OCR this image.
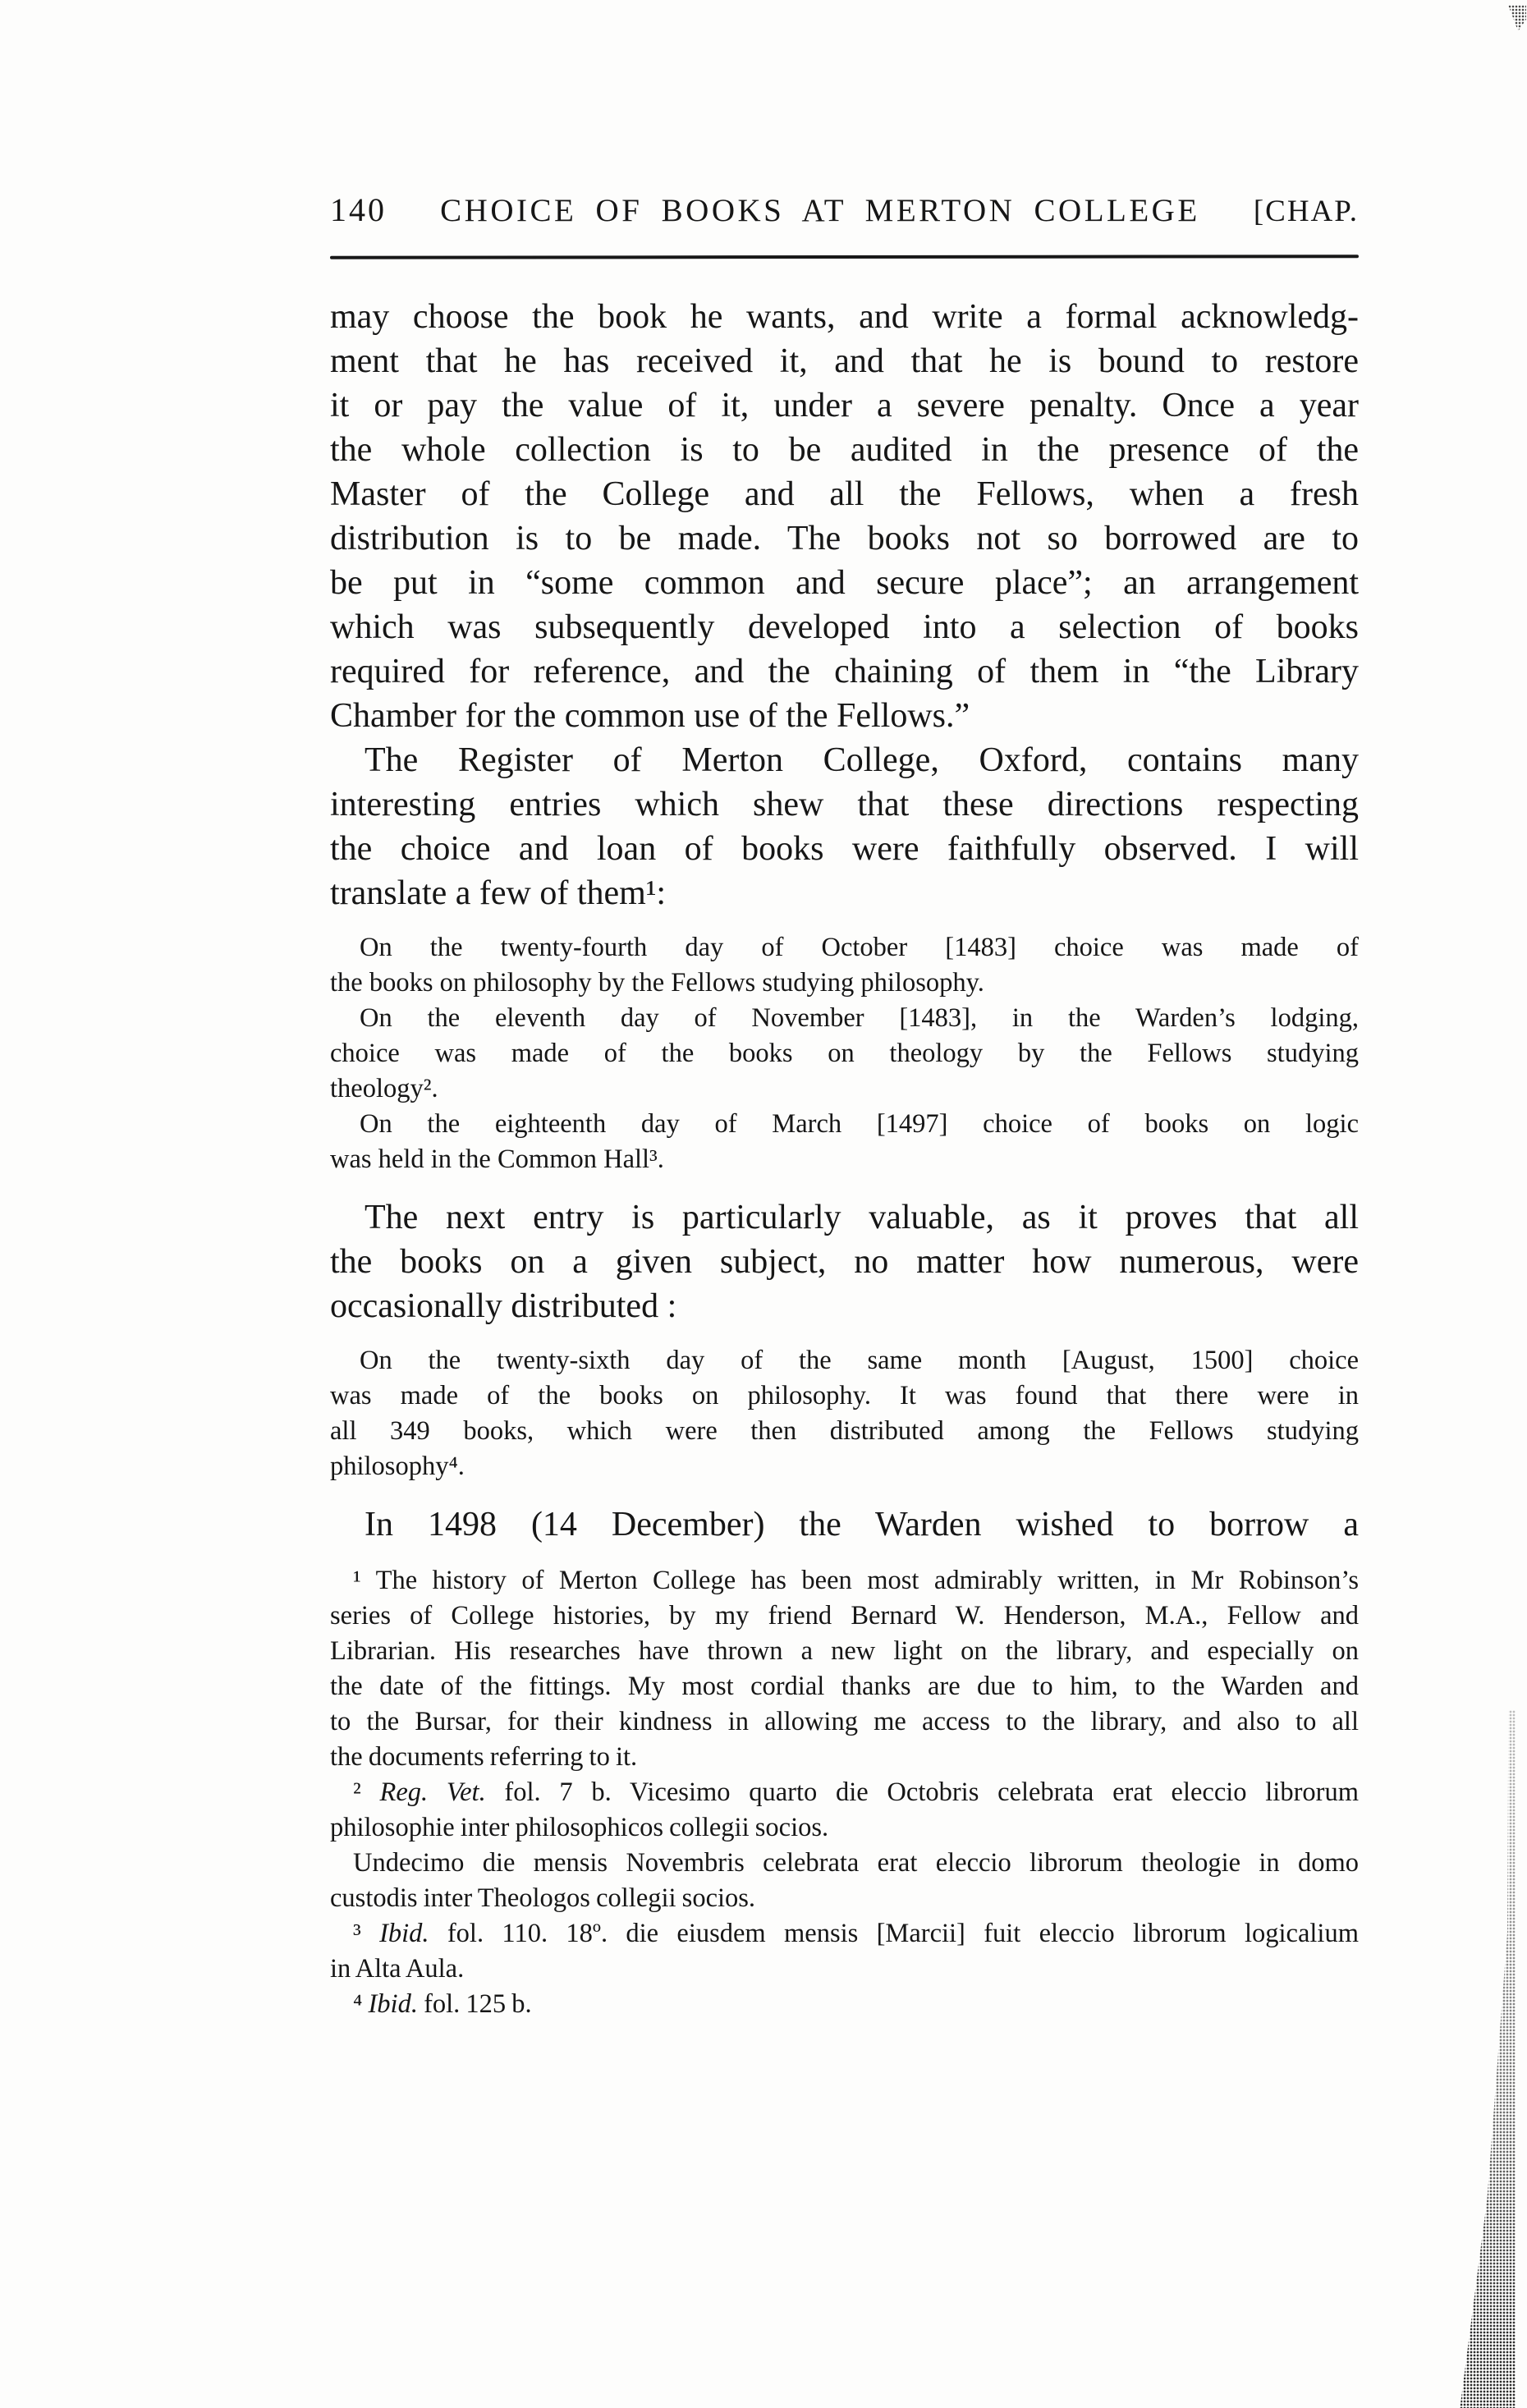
140	CHOICE OF BOOKS AT MERTON COLLEGE	[CHAP.
may choose the book he wants, and write a formal acknowledg-
ment that he has received it, and that he is bound to restore
it or pay the value of it, under a severe penalty. Once a year
the whole collection is to be audited in the presence of the
Master of the College and all the Fellows, when a fresh
distribution is to be made. The books not so borrowed are to
be put in “some common and secure place”; an arrangement
which was subsequently developed into a selection of books
required for reference, and the chaining of them in “the Library
Chamber for the common use of the Fellows.”
The Register of Merton College, Oxford, contains many
interesting entries which shew that these directions respecting
the choice and loan of books were faithfully observed. I will
translate a few of them¹:
On the twenty-fourth day of October [1483] choice was made of
the books on philosophy by the Fellows studying philosophy.
On the eleventh day of November [1483], in the Warden’s lodging,
choice was made of the books on theology by the Fellows studying
theology².
On the eighteenth day of March [1497] choice of books on logic
was held in the Common Hall³.
The next entry is particularly valuable, as it proves that all
the books on a given subject, no matter how numerous, were
occasionally distributed :
On the twenty-sixth day of the same month [August, 1500] choice
was made of the books on philosophy. It was found that there were in
all 349 books, which were then distributed among the Fellows studying
philosophy⁴.
In 1498 (14 December) the Warden wished to borrow a
¹ The history of Merton College has been most admirably written, in Mr Robinson’s
series of College histories, by my friend Bernard W. Henderson, M.A., Fellow and
Librarian. His researches have thrown a new light on the library, and especially on
the date of the fittings. My most cordial thanks are due to him, to the Warden and
to the Bursar, for their kindness in allowing me access to the library, and also to all
the documents referring to it.
² Reg. Vet. fol. 7 b. Vicesimo quarto die Octobris celebrata erat eleccio librorum
philosophie inter philosophicos collegii socios.
Undecimo die mensis Novembris celebrata erat eleccio librorum theologie in domo
custodis inter Theologos collegii socios.
³ Ibid. fol. 110. 18º. die eiusdem mensis [Marcii] fuit eleccio librorum logicalium
in Alta Aula.
⁴ Ibid. fol. 125 b.
